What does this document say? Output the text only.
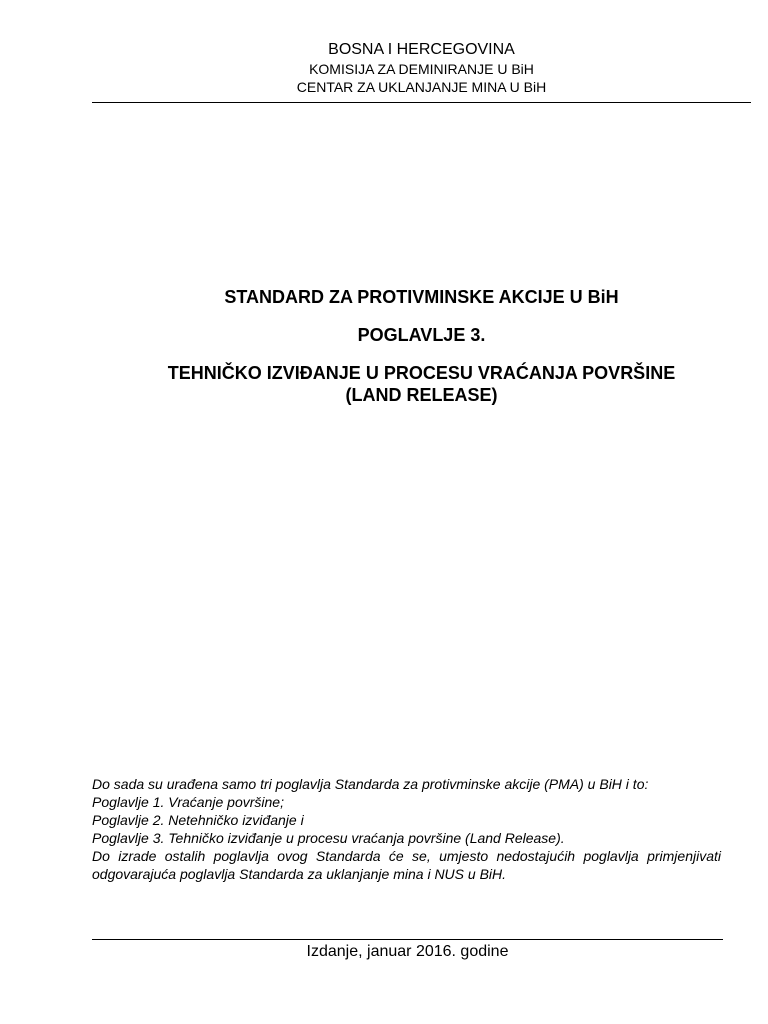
BOSNA I HERCEGOVINA
KOMISIJA ZA DEMINIRANJE U BiH
CENTAR ZA UKLANJANJE MINA U BiH
STANDARD ZA PROTIVMINSKE AKCIJE U BiH
POGLAVLJE 3.
TEHNIČKO IZVIĐANJE U PROCESU VRAĆANJA POVRŠINE
(LAND RELEASE)

Do sada su urađena samo tri poglavlja Standarda za protivminske akcije (PMA) u BiH i to:

Poglavlje 1. Vraćanje površine;

Poglavlje 2. Netehničko izviđanje i

Poglavlje 3. Tehničko izviđanje u procesu vraćanja površine (Land Release).

Do izrade ostalih poglavlja ovog Standarda će se, umjesto nedostajućih poglavlja primjenjivati odgovarajuća poglavlja Standarda za uklanjanje mina i NUS u BiH.

Izdanje, januar 2016. godine
